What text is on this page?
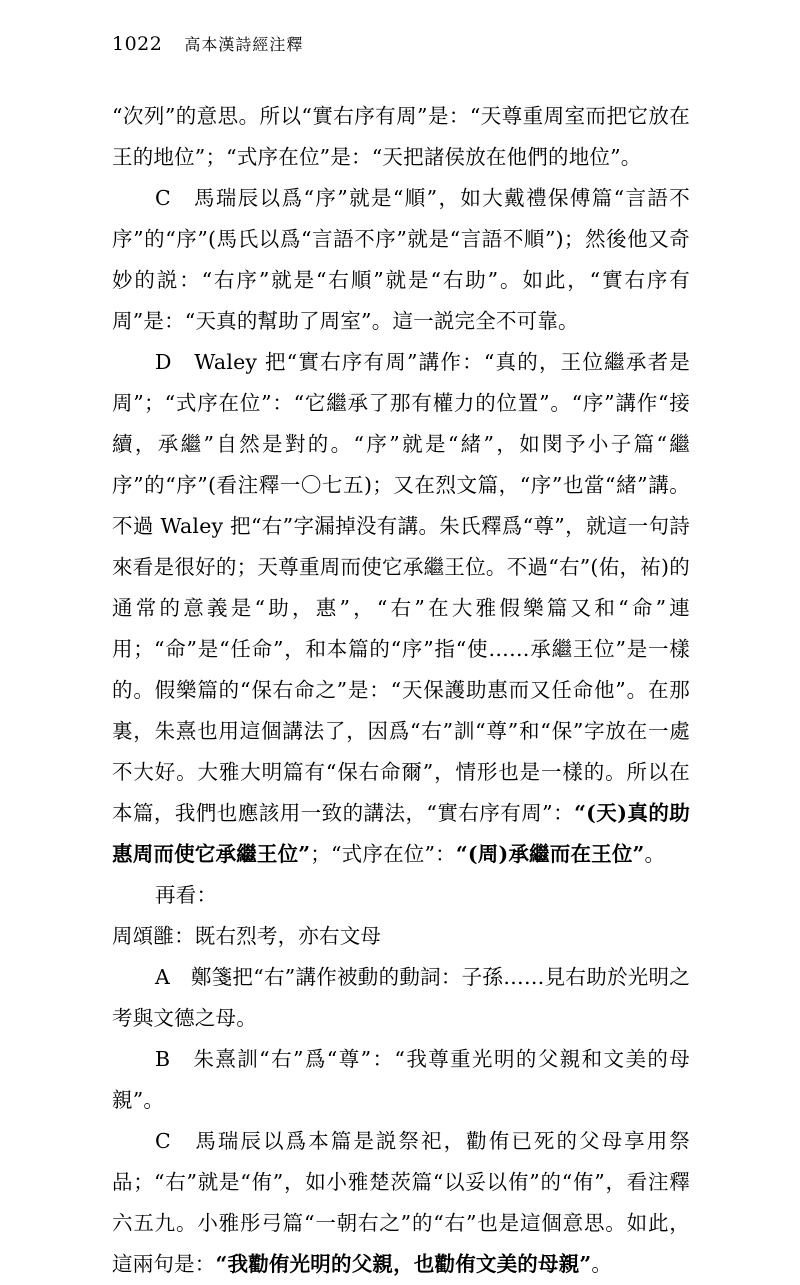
1022 高本漢詩經注釋

“次列”的意思。所以“實右序有周”是：“天尊重周室而把它放在王的地位”；“式序在位”是：“天把諸侯放在他們的地位”。

C　馬瑞辰以爲“序”就是“順”，如大戴禮保傅篇“言語不序”的“序”(馬氏以爲“言語不序”就是“言語不順”)；然後他又奇妙的説：“右序”就是“右順”就是“右助”。如此，“實右序有周”是：“天真的幫助了周室”。這一説完全不可靠。

D　Waley 把“實右序有周”講作：“真的，王位繼承者是周”；“式序在位”：“它繼承了那有權力的位置”。“序”講作“接續，承繼”自然是對的。“序”就是“緒”，如閔予小子篇“繼序”的“序”(看注釋一〇七五)；又在烈文篇，“序”也當“緒”講。不過 Waley 把“右”字漏掉没有講。朱氏釋爲“尊”，就這一句詩來看是很好的；天尊重周而使它承繼王位。不過“右”(佑，祐)的通常的意義是“助，惠”，“右”在大雅假樂篇又和“命”連用；“命”是“任命”，和本篇的“序”指“使……承繼王位”是一樣的。假樂篇的“保右命之”是：“天保護助惠而又任命他”。在那裏，朱熹也用這個講法了，因爲“右”訓“尊”和“保”字放在一處不大好。大雅大明篇有“保右命爾”，情形也是一樣的。所以在本篇，我們也應該用一致的講法，“實右序有周”：“(天)真的助惠周而使它承繼王位”；“式序在位”：“(周)承繼而在王位”。

再看：

周頌雝：既右烈考，亦右文母

A　鄭箋把“右”講作被動的動詞：子孫……見右助於光明之考與文德之母。

B　朱熹訓“右”爲“尊”：“我尊重光明的父親和文美的母親”。

C　馬瑞辰以爲本篇是説祭祀，勸侑已死的父母享用祭品；“右”就是“侑”，如小雅楚茨篇“以妥以侑”的“侑”，看注釋六五九。小雅彤弓篇“一朝右之”的“右”也是這個意思。如此，這兩句是：“我勸侑光明的父親，也勸侑文美的母親”。
